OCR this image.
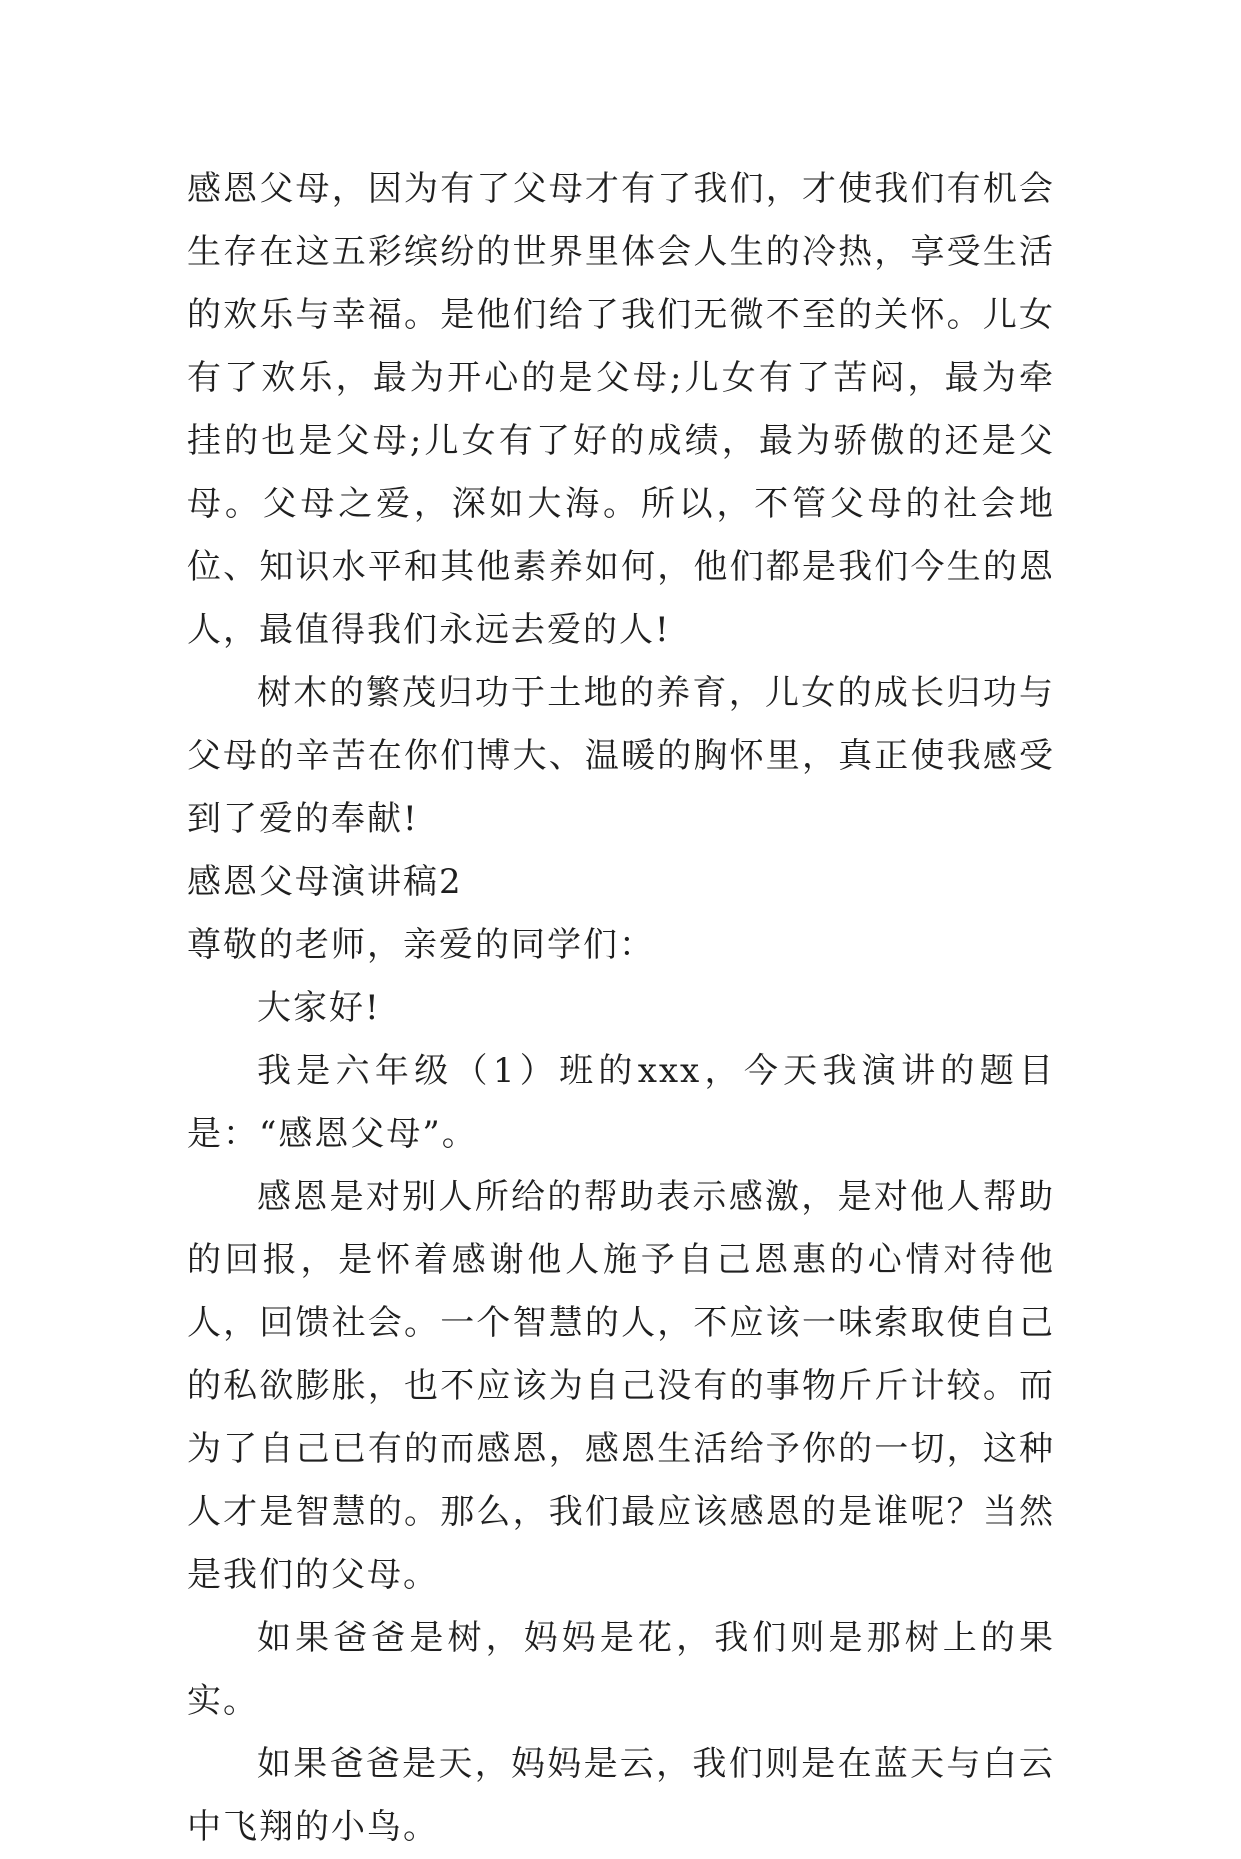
感恩父母，因为有了父母才有了我们，才使我们有机会生存在这五彩缤纷的世界里体会人生的冷热，享受生活的欢乐与幸福。是他们给了我们无微不至的关怀。儿女有了欢乐，最为开心的是父母;儿女有了苦闷，最为牵挂的也是父母;儿女有了好的成绩，最为骄傲的还是父母。父母之爱，深如大海。所以，不管父母的社会地位、知识水平和其他素养如何，他们都是我们今生的恩人，最值得我们永远去爱的人!

树木的繁茂归功于土地的养育，儿女的成长归功与父母的辛苦在你们博大、温暖的胸怀里，真正使我感受到了爱的奉献!

感恩父母演讲稿2

尊敬的老师，亲爱的同学们：

大家好!

我是六年级（1）班的xxx，今天我演讲的题目是：“感恩父母”。

感恩是对别人所给的帮助表示感激，是对他人帮助的回报，是怀着感谢他人施予自己恩惠的心情对待他人，回馈社会。一个智慧的人，不应该一味索取使自己的私欲膨胀，也不应该为自己没有的事物斤斤计较。而为了自己已有的而感恩，感恩生活给予你的一切，这种人才是智慧的。那么，我们最应该感恩的是谁呢？当然是我们的父母。

如果爸爸是树，妈妈是花，我们则是那树上的果实。

如果爸爸是天，妈妈是云，我们则是在蓝天与白云中飞翔的小鸟。
